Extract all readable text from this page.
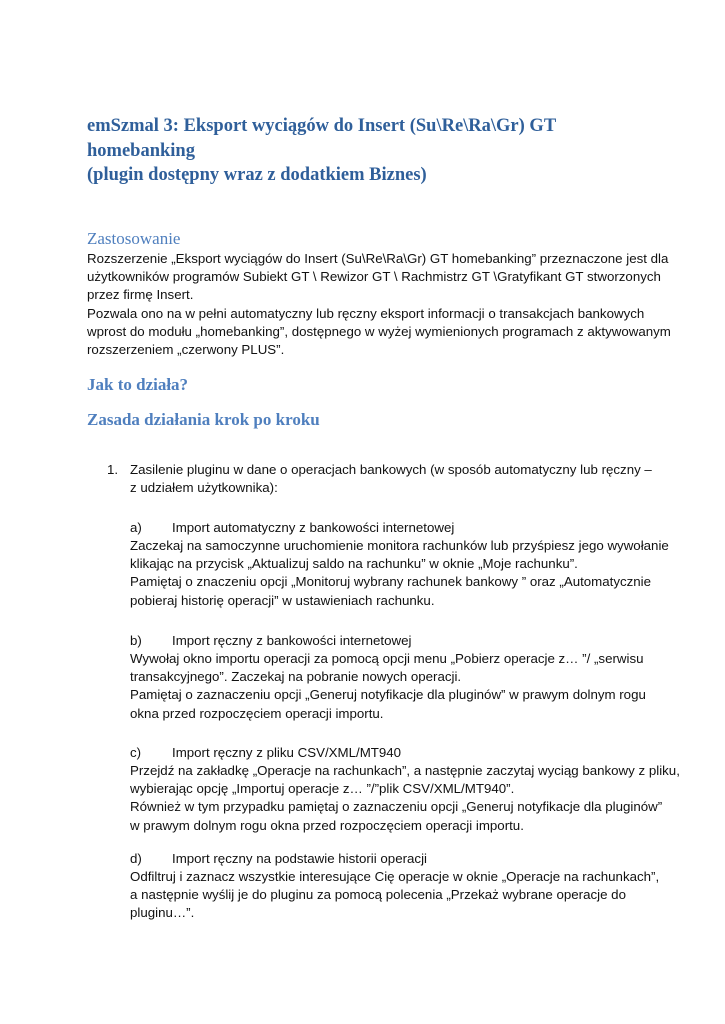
emSzmal 3: Eksport wyciągów do Insert (Su\Re\Ra\Gr) GT
homebanking
(plugin dostępny wraz z dodatkiem Biznes)
Zastosowanie
Rozszerzenie „Eksport wyciągów do Insert (Su\Re\Ra\Gr) GT homebanking” przeznaczone jest dla
użytkowników programów Subiekt GT \ Rewizor GT \ Rachmistrz GT \Gratyfikant GT stworzonych
przez firmę Insert.
Pozwala ono na w pełni automatyczny lub ręczny eksport informacji o transakcjach bankowych
wprost do modułu „homebanking”, dostępnego w wyżej wymienionych programach z aktywowanym
rozszerzeniem „czerwony PLUS”.
Jak to działa?
Zasada działania krok po kroku
1. Zasilenie pluginu w dane o operacjach bankowych (w sposób automatyczny lub ręczny –
z udziałem użytkownika):
a) Import automatyczny z bankowości internetowej
Zaczekaj na samoczynne uruchomienie monitora rachunków lub przyśpiesz jego wywołanie
klikając na przycisk „Aktualizuj saldo na rachunku” w oknie „Moje rachunku”.
Pamiętaj o znaczeniu opcji „Monitoruj wybrany rachunek bankowy ” oraz „Automatycznie
pobieraj historię operacji” w ustawieniach rachunku.
b) Import ręczny z bankowości internetowej
Wywołaj okno importu operacji za pomocą opcji menu „Pobierz operacje z… ”/ „serwisu
transakcyjnego”. Zaczekaj na pobranie nowych operacji.
Pamiętaj o zaznaczeniu opcji „Generuj notyfikacje dla pluginów” w prawym dolnym rogu
okna przed rozpoczęciem operacji importu.
c) Import ręczny z pliku CSV/XML/MT940
Przejdź na zakładkę „Operacje na rachunkach”, a następnie zaczytaj wyciąg bankowy z pliku,
wybierając opcję „Importuj operacje z… ”/”plik CSV/XML/MT940”.
Również w tym przypadku pamiętaj o zaznaczeniu opcji „Generuj notyfikacje dla pluginów”
w prawym dolnym rogu okna przed rozpoczęciem operacji importu.
d) Import ręczny na podstawie historii operacji
Odfiltruj i zaznacz wszystkie interesujące Cię operacje w oknie „Operacje na rachunkach”,
a następnie wyślij je do pluginu za pomocą polecenia „Przekaż wybrane operacje do
pluginu…”.
